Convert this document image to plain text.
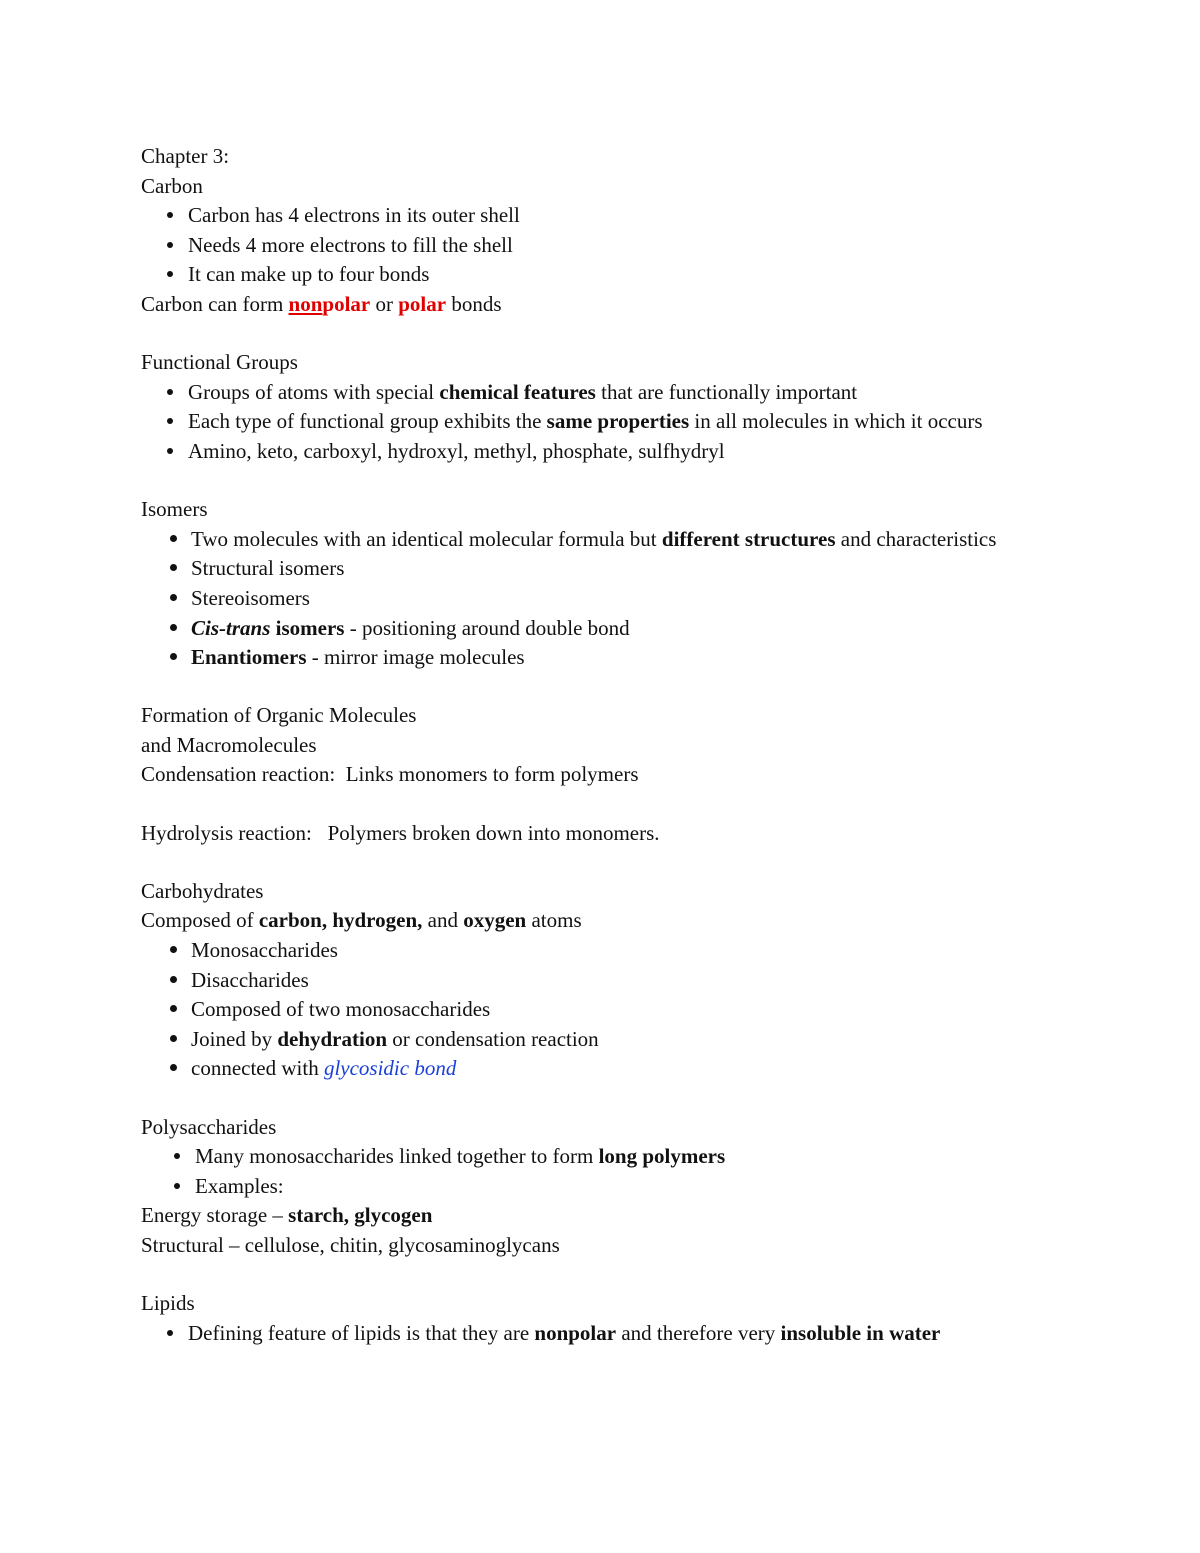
Chapter 3:
Carbon
Carbon has 4 electrons in its outer shell
Needs 4 more electrons to fill the shell
It can make up to four bonds
Carbon can form nonpolar or polar bonds
Functional Groups
Groups of atoms with special chemical features that are functionally important
Each type of functional group exhibits the same properties in all molecules in which it occurs
Amino, keto, carboxyl, hydroxyl, methyl, phosphate, sulfhydryl
Isomers
Two molecules with an identical molecular formula but different structures and characteristics
Structural isomers
Stereoisomers
Cis-trans isomers - positioning around double bond
Enantiomers - mirror image molecules
Formation of Organic Molecules
and Macromolecules
Condensation reaction:  Links monomers to form polymers
Hydrolysis reaction:   Polymers broken down into monomers.
Carbohydrates
Composed of carbon, hydrogen, and oxygen atoms
Monosaccharides
Disaccharides
Composed of two monosaccharides
Joined by dehydration or condensation reaction
connected with glycosidic bond
Polysaccharides
Many monosaccharides linked together to form long polymers
Examples:
Energy storage – starch, glycogen
Structural – cellulose, chitin, glycosaminoglycans
Lipids
Defining feature of lipids is that they are nonpolar and therefore very insoluble in water
